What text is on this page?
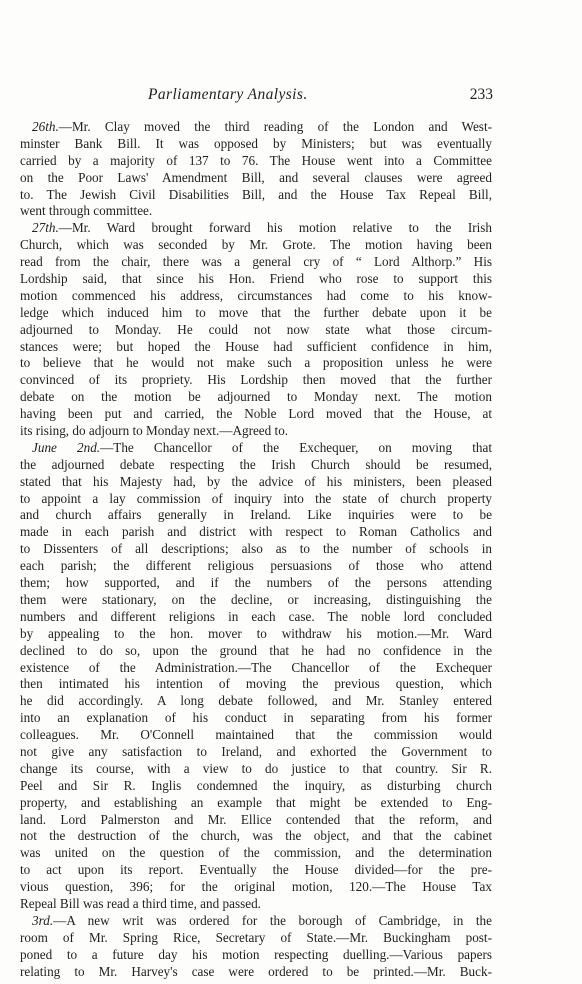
Parliamentary Analysis.	233
26th.—Mr. Clay moved the third reading of the London and West-
minster Bank Bill. It was opposed by Ministers; but was eventually
carried by a majority of 137 to 76. The House went into a Committee
on the Poor Laws' Amendment Bill, and several clauses were agreed
to. The Jewish Civil Disabilities Bill, and the House Tax Repeal Bill,
went through committee.
27th.—Mr. Ward brought forward his motion relative to the Irish
Church, which was seconded by Mr. Grote. The motion having been
read from the chair, there was a general cry of “ Lord Althorp.” His
Lordship said, that since his Hon. Friend who rose to support this
motion commenced his address, circumstances had come to his know-
ledge which induced him to move that the further debate upon it be
adjourned to Monday. He could not now state what those circum-
stances were; but hoped the House had sufficient confidence in him,
to believe that he would not make such a proposition unless he were
convinced of its propriety. His Lordship then moved that the further
debate on the motion be adjourned to Monday next. The motion
having been put and carried, the Noble Lord moved that the House, at
its rising, do adjourn to Monday next.—Agreed to.
June 2nd.—The Chancellor of the Exchequer, on moving that
the adjourned debate respecting the Irish Church should be resumed,
stated that his Majesty had, by the advice of his ministers, been pleased
to appoint a lay commission of inquiry into the state of church property
and church affairs generally in Ireland. Like inquiries were to be
made in each parish and district with respect to Roman Catholics and
to Dissenters of all descriptions; also as to the number of schools in
each parish; the different religious persuasions of those who attend
them; how supported, and if the numbers of the persons attending
them were stationary, on the decline, or increasing, distinguishing the
numbers and different religions in each case. The noble lord concluded
by appealing to the hon. mover to withdraw his motion.—Mr. Ward
declined to do so, upon the ground that he had no confidence in the
existence of the Administration.—The Chancellor of the Exchequer
then intimated his intention of moving the previous question, which
he did accordingly. A long debate followed, and Mr. Stanley entered
into an explanation of his conduct in separating from his former
colleagues. Mr. O'Connell maintained that the commission would
not give any satisfaction to Ireland, and exhorted the Government to
change its course, with a view to do justice to that country. Sir R.
Peel and Sir R. Inglis condemned the inquiry, as disturbing church
property, and establishing an example that might be extended to Eng-
land. Lord Palmerston and Mr. Ellice contended that the reform, and
not the destruction of the church, was the object, and that the cabinet
was united on the question of the commission, and the determination
to act upon its report. Eventually the House divided—for the pre-
vious question, 396; for the original motion, 120.—The House Tax
Repeal Bill was read a third time, and passed.
3rd.—A new writ was ordered for the borough of Cambridge, in the
room of Mr. Spring Rice, Secretary of State.—Mr. Buckingham post-
poned to a future day his motion respecting duelling.—Various papers
relating to Mr. Harvey's case were ordered to be printed.—Mr. Buck-
